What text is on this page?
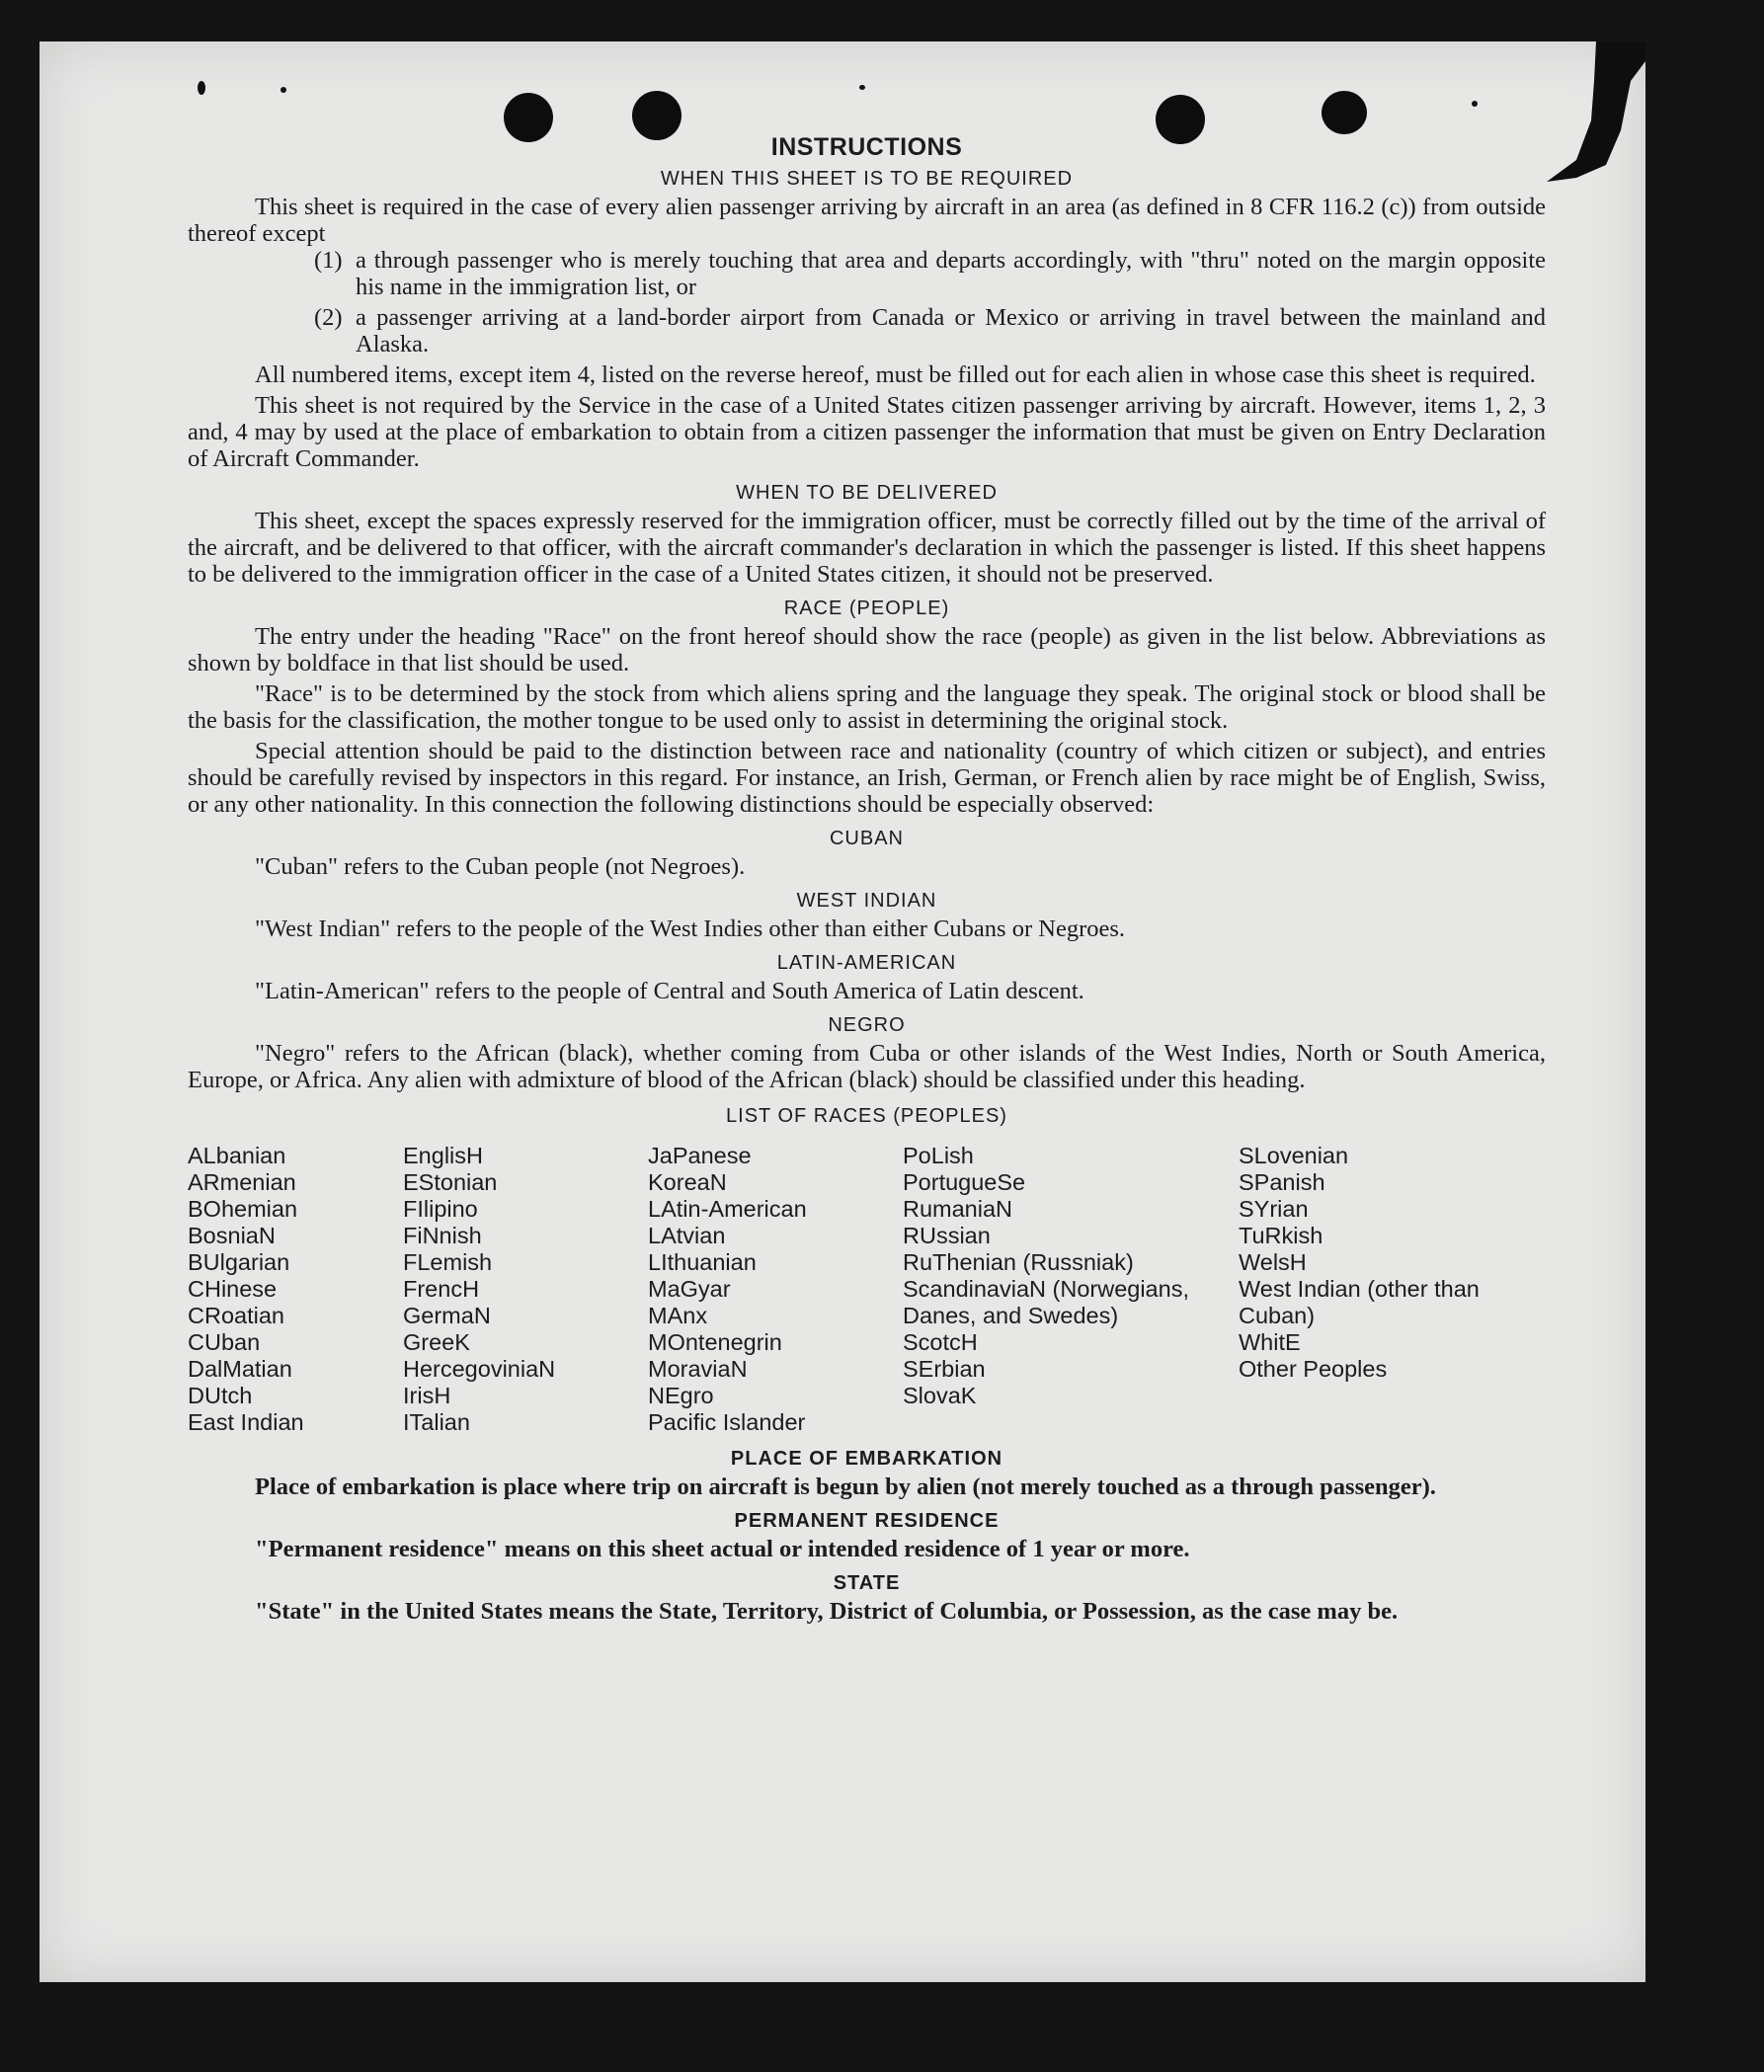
INSTRUCTIONS
WHEN THIS SHEET IS TO BE REQUIRED

This sheet is required in the case of every alien passenger arriving by aircraft in an area (as defined in 8 CFR 116.2 (c)) from outside thereof except

(1) a through passenger who is merely touching that area and departs accordingly, with "thru" noted on the margin opposite his name in the immigration list, or
(2) a passenger arriving at a land-border airport from Canada or Mexico or arriving in travel between the mainland and Alaska.

All numbered items, except item 4, listed on the reverse hereof, must be filled out for each alien in whose case this sheet is required.

This sheet is not required by the Service in the case of a United States citizen passenger arriving by aircraft. However, items 1, 2, 3 and, 4 may by used at the place of embarkation to obtain from a citizen passenger the information that must be given on Entry Declaration of Aircraft Commander.

WHEN TO BE DELIVERED

This sheet, except the spaces expressly reserved for the immigration officer, must be correctly filled out by the time of the arrival of the aircraft, and be delivered to that officer, with the aircraft commander's declaration in which the passenger is listed. If this sheet happens to be delivered to the immigration officer in the case of a United States citizen, it should not be preserved.

RACE (PEOPLE)

The entry under the heading "Race" on the front hereof should show the race (people) as given in the list below. Abbreviations as shown by boldface in that list should be used.

"Race" is to be determined by the stock from which aliens spring and the language they speak. The original stock or blood shall be the basis for the classification, the mother tongue to be used only to assist in determining the original stock.

Special attention should be paid to the distinction between race and nationality (country of which citizen or subject), and entries should be carefully revised by inspectors in this regard. For instance, an Irish, German, or French alien by race might be of English, Swiss, or any other nationality. In this connection the following distinctions should be especially observed:

CUBAN

"Cuban" refers to the Cuban people (not Negroes).

WEST INDIAN

"West Indian" refers to the people of the West Indies other than either Cubans or Negroes.

LATIN-AMERICAN

"Latin-American" refers to the people of Central and South America of Latin descent.

NEGRO

"Negro" refers to the African (black), whether coming from Cuba or other islands of the West Indies, North or South America, Europe, or Africa. Any alien with admixture of blood of the African (black) should be classified under this heading.

LIST OF RACES (PEOPLES)
ALbanian
ARmenian
BOhemian
BosniaN
BUlgarian
CHinese
CRoatian
CUban
DalMatian
DUtch
East Indian
EnglisH
EStonian
FIlipino
FiNnish
FLemish
FrencH
GermaN
GreeK
HercegoviniaN
IrisH
ITalian
JaPanese
KoreaN
LAtin-American
LAtvian
LIthuanian
MaGyar
MAnx
MOntenegrin
MoraviaN
NEgro
Pacific Islander
PoLish
PortugueSe
RumaniaN
RUssian
RuThenian (Russniak)
ScandinaviaN (Norwegians, Danes, and Swedes)
ScotcH
SErbian
SlovaK
SLovenian
SPanish
SYrian
TuRkish
WelsH
West Indian (other than Cuban)
WhitE
Other Peoples
PLACE OF EMBARKATION

Place of embarkation is place where trip on aircraft is begun by alien (not merely touched as a through passenger).

PERMANENT RESIDENCE

"Permanent residence" means on this sheet actual or intended residence of 1 year or more.

STATE

"State" in the United States means the State, Territory, District of Columbia, or Possession, as the case may be.
